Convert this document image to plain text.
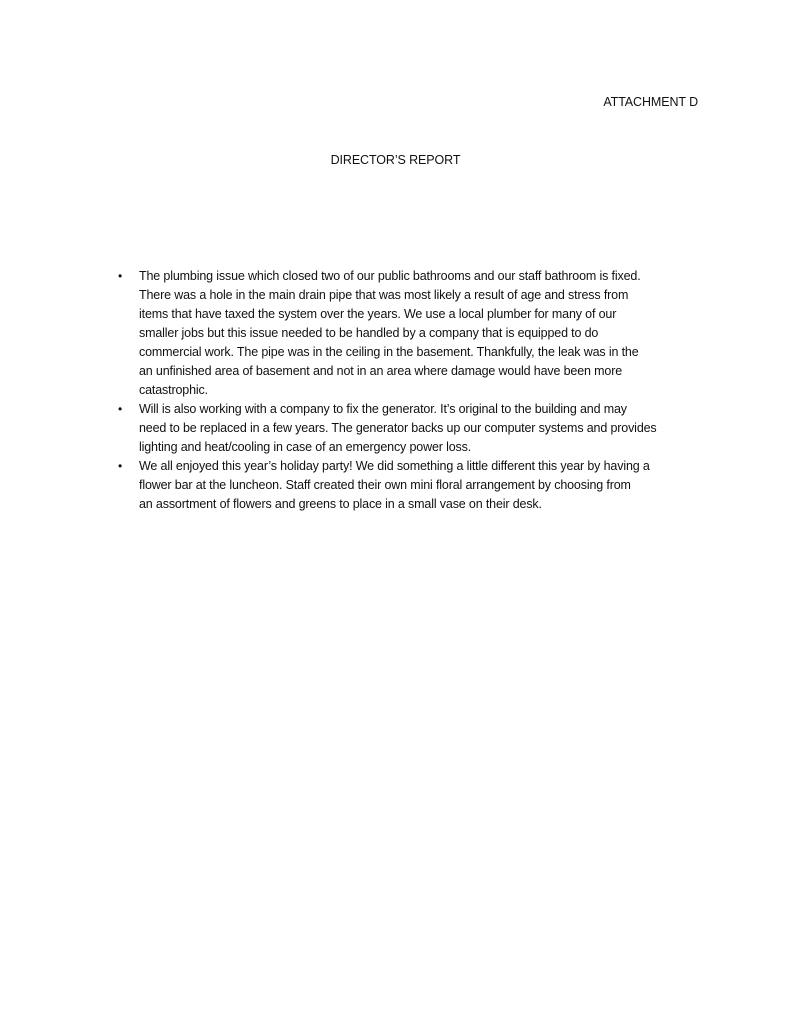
ATTACHMENT D
DIRECTOR’S REPORT
• The plumbing issue which closed two of our public bathrooms and our staff bathroom is fixed.
There was a hole in the main drain pipe that was most likely a result of age and stress from
items that have taxed the system over the years. We use a local plumber for many of our
smaller jobs but this issue needed to be handled by a company that is equipped to do
commercial work. The pipe was in the ceiling in the basement. Thankfully, the leak was in the
an unfinished area of basement and not in an area where damage would have been more
catastrophic.
• Will is also working with a company to fix the generator. It’s original to the building and may
need to be replaced in a few years. The generator backs up our computer systems and provides
lighting and heat/cooling in case of an emergency power loss.
• We all enjoyed this year’s holiday party! We did something a little different this year by having a
flower bar at the luncheon. Staff created their own mini floral arrangement by choosing from
an assortment of flowers and greens to place in a small vase on their desk.
